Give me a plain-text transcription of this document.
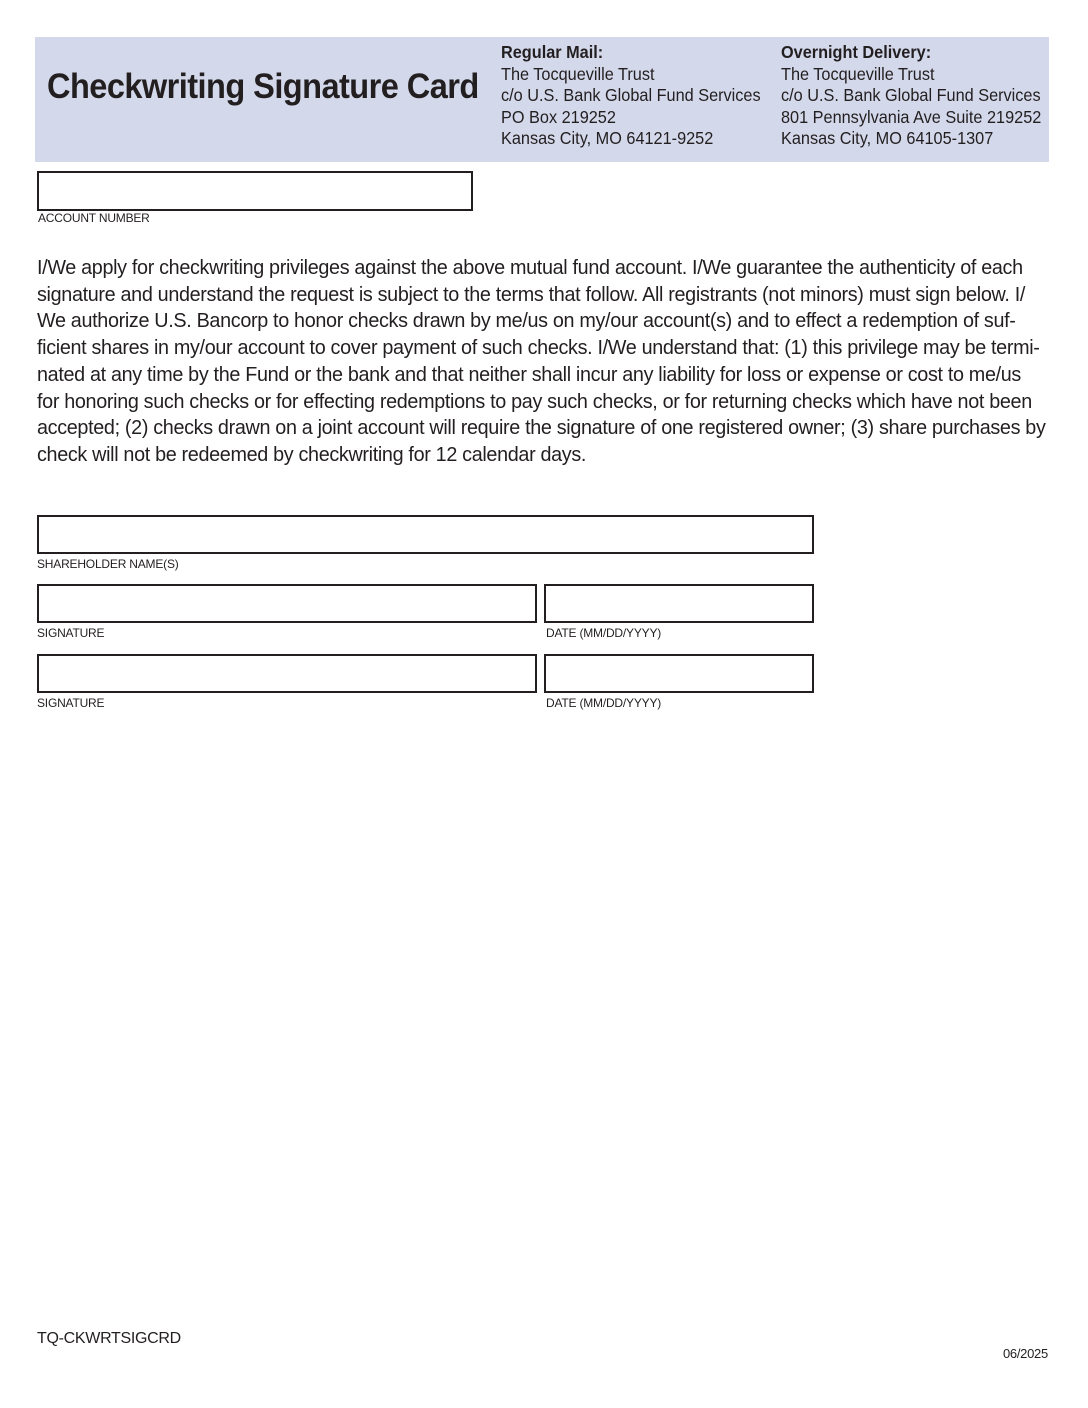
Checkwriting Signature Card
Regular Mail:
The Tocqueville Trust
c/o U.S. Bank Global Fund Services
PO Box 219252
Kansas City, MO 64121-9252
Overnight Delivery:
The Tocqueville Trust
c/o U.S. Bank Global Fund Services
801 Pennsylvania Ave Suite 219252
Kansas City, MO 64105-1307
ACCOUNT NUMBER
I/We apply for checkwriting privileges against the above mutual fund account. I/We guarantee the authenticity of each
signature and understand the request is subject to the terms that follow. All registrants (not minors) must sign below. I/
We authorize U.S. Bancorp to honor checks drawn by me/us on my/our account(s) and to effect a redemption of suf-
ficient shares in my/our account to cover payment of such checks. I/We understand that: (1) this privilege may be termi-
nated at any time by the Fund or the bank and that neither shall incur any liability for loss or expense or cost to me/us
for honoring such checks or for effecting redemptions to pay such checks, or for returning checks which have not been
accepted; (2) checks drawn on a joint account will require the signature of one registered owner; (3) share purchases by
check will not be redeemed by checkwriting for 12 calendar days.
SHAREHOLDER NAME(S)
SIGNATURE	DATE (MM/DD/YYYY)
SIGNATURE	DATE (MM/DD/YYYY)
TQ-CKWRTSIGCRD
06/2025
